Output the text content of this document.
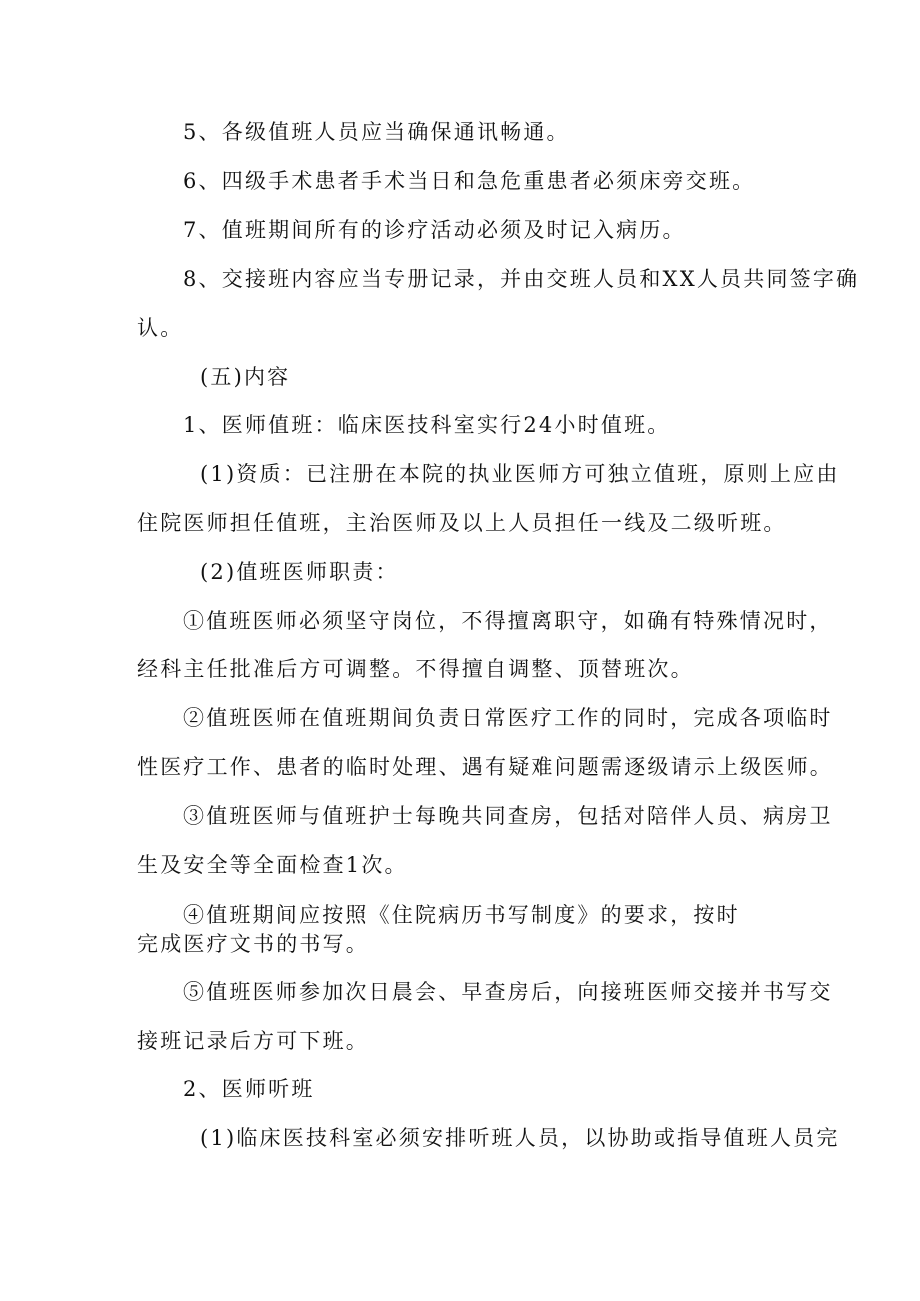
5、各级值班人员应当确保通讯畅通。
6、四级手术患者手术当日和急危重患者必须床旁交班。
7、值班期间所有的诊疗活动必须及时记入病历。
8、交接班内容应当专册记录，并由交班人员和XX人员共同签字确
认。
(五)内容
1、医师值班：临床医技科室实行24小时值班。
(1)资质：已注册在本院的执业医师方可独立值班，原则上应由
住院医师担任值班，主治医师及以上人员担任一线及二级听班。
(2)值班医师职责：
①值班医师必须坚守岗位，不得擅离职守，如确有特殊情况时，
经科主任批准后方可调整。不得擅自调整、顶替班次。
②值班医师在值班期间负责日常医疗工作的同时，完成各项临时
性医疗工作、患者的临时处理、遇有疑难问题需逐级请示上级医师。
③值班医师与值班护士每晚共同查房，包括对陪伴人员、病房卫
生及安全等全面检查1次。
④值班期间应按照《住院病历书写制度》的要求，按时
完成医疗文书的书写。
⑤值班医师参加次日晨会、早查房后，向接班医师交接并书写交
接班记录后方可下班。
2、医师听班
(1)临床医技科室必须安排听班人员，以协助或指导值班人员完
